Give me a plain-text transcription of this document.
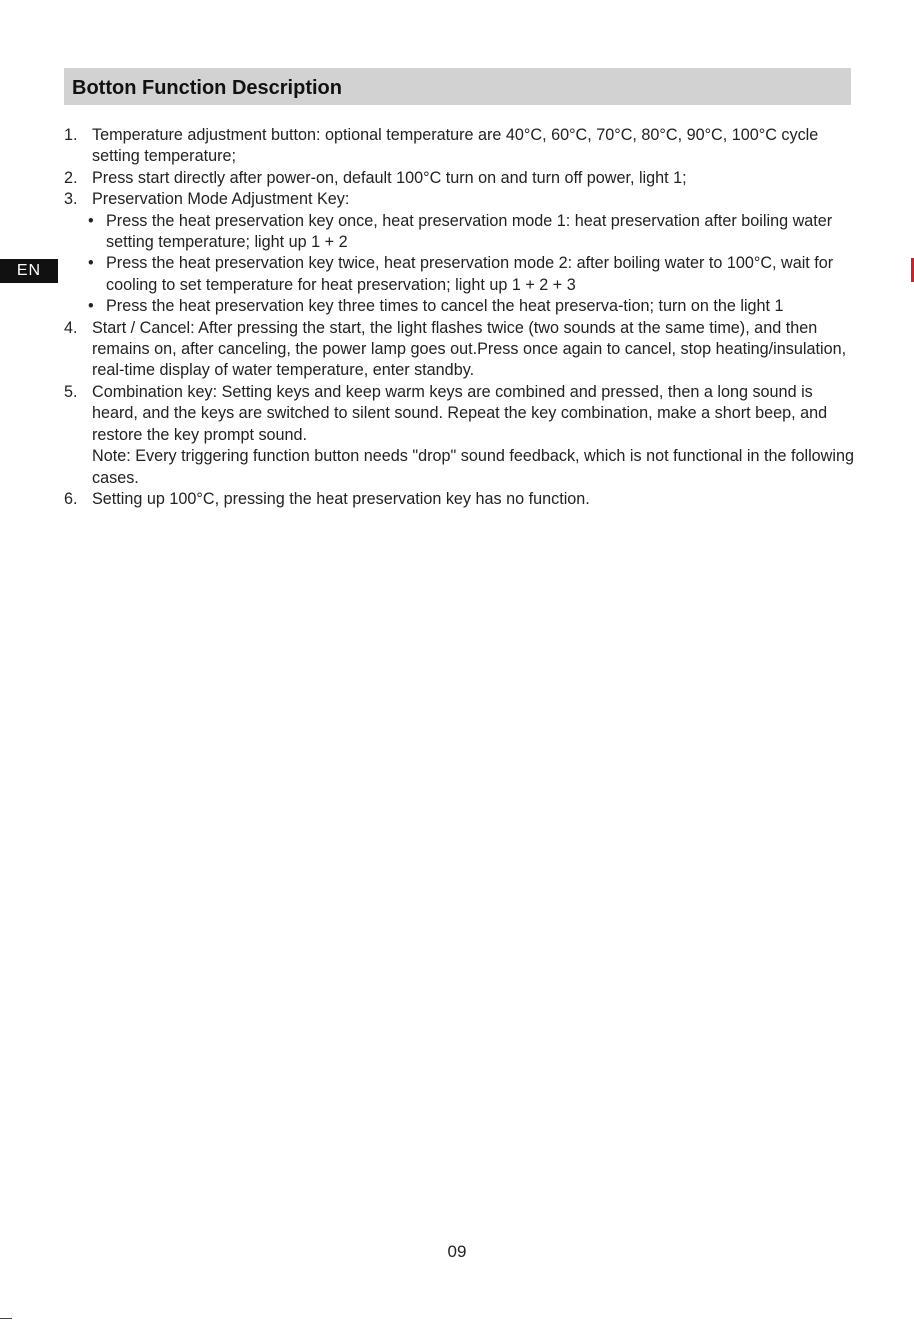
EN
Botton Function Description
1. Temperature adjustment button: optional temperature are 40°C, 60°C, 70°C, 80°C, 90°C, 100°C cycle setting temperature;
2. Press start directly after power-on, default 100°C turn on and turn off power, light 1;
3. Preservation Mode Adjustment Key:
• Press the heat preservation key once, heat preservation mode 1: heat preservation after boiling water setting temperature; light up 1 + 2
• Press the heat preservation key twice, heat preservation mode 2: after boiling water to 100°C, wait for cooling to set temperature for heat preservation; light up 1 + 2 + 3
• Press the heat preservation key three times to cancel the heat preserva-tion; turn on the light 1
4. Start / Cancel: After pressing the start, the light flashes twice (two sounds at the same time), and then remains on, after canceling, the power lamp goes out.Press once again to cancel, stop heating/insulation, real-time display of water temperature, enter standby.
5. Combination key: Setting keys and keep warm keys are combined and pressed, then a long sound is heard, and the keys are switched to silent sound. Repeat the key combination, make a short beep, and restore the key prompt sound.
Note: Every triggering function button needs "drop" sound feedback, which is not functional in the following cases.
6. Setting up 100°C, pressing the heat preservation key has no function.
09
